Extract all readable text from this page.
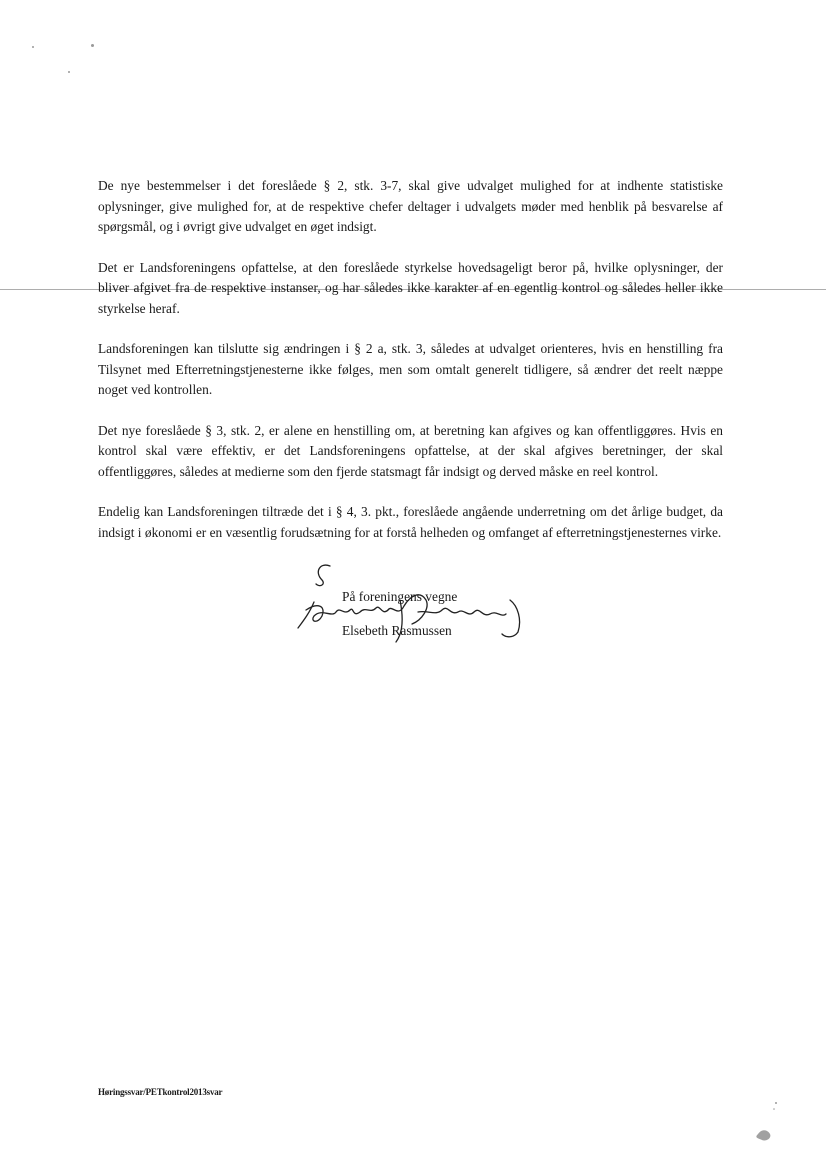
De nye bestemmelser i det foreslåede § 2, stk. 3-7, skal give udvalget mulighed for at indhente statistiske oplysninger, give mulighed for, at de respektive chefer deltager i udvalgets møder med henblik på besvarelse af spørgsmål, og i øvrigt give udvalget en øget indsigt.

Det er Landsforeningens opfattelse, at den foreslåede styrkelse hovedsageligt beror på, hvilke oplysninger, der bliver afgivet fra de respektive instanser, og har således ikke karakter af en egentlig kontrol og således heller ikke styrkelse heraf.

Landsforeningen kan tilslutte sig ændringen i § 2 a, stk. 3, således at udvalget orienteres, hvis en henstilling fra Tilsynet med Efterretningstjenesterne ikke følges, men som omtalt generelt tidligere, så ændrer det reelt næppe noget ved kontrollen.

Det nye foreslåede § 3, stk. 2, er alene en henstilling om, at beretning kan afgives og kan offentliggøres. Hvis en kontrol skal være effektiv, er det Landsforeningens opfattelse, at der skal afgives beretninger, der skal offentliggøres, således at medierne som den fjerde statsmagt får indsigt og derved måske en reel kontrol.

Endelig kan Landsforeningen tiltræde det i § 4, 3. pkt., foreslåede angående underretning om det årlige budget, da indsigt i økonomi er en væsentlig forudsætning for at forstå helheden og omfanget af efterretningstjenesternes virke.

På foreningens vegne
Elsebeth Rasmussen
Høringssvar/PETkontrol2013svar
